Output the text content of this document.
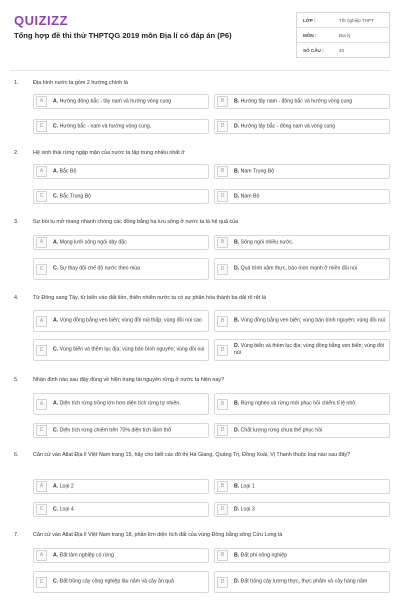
QUIZIZZ
Tổng hợp đề thi thử THPTQG 2019 môn Địa lí có đáp án (P6)
LỚP :	Tốt nghiệp THPT
MÔN :	Địa lý
SỐ CÂU :	40
1.	Địa hình nước ta gồm 2 hướng chính là
A	A. Hướng đông bắc - tây nam và hướng vòng cung	B	B. Hướng tây nam - đông bắc và hướng vòng cung
C	C. Hướng bắc - nam và hướng vòng cung.	D	D. Hướng tây bắc - đông nam và vòng cung
2.	Hệ sinh thái rừng ngập mặn của nước ta tập trung nhiều nhất ở
A	A. Bắc Bộ	B	B. Nam Trung Bộ
C	C. Bắc Trung Bộ	D	D. Nam Bộ
3.	Sự bồi tụ mở mang nhanh chóng các đồng bằng hạ lưu sông ở nước ta là hệ quả của
A	A. Mạng lưới sông ngòi dày đặc	B	B. Sông ngòi nhiều nước.
C	C. Sự thay đổi chế độ nước theo mùa	D	D. Quá trình xâm thực, bào mòn mạnh ở miền đồi núi
4.	Từ Đông sang Tây, từ biển vào đất liền, thiên nhiên nước ta có sự phân hóa thành ba dải rõ rệt là
A	A. Vùng đồng bằng ven biển; vùng đồi núi thấp; vùng đồi núi cao	B	B. Vùng đồng bằng ven biển; vùng bán bình nguyên; vùng đồi núi
C	C. Vùng biển và thềm lục địa; vùng bán bình nguyên; vùng đồi núi	D
D. Vùng biển và thềm lục địa; vùng đồng bằng ven biển; vùng đồi núi
5.	Nhận định nào sau đây đúng về hiện trạng tài nguyên rừng ở nước ta hiện nay?
A	A. Diện tích rừng trồng lớn hơn diện tích rừng tự nhiên.	B	B. Rừng nghèo và rừng mới phục hồi chiếm tỉ lệ nhỏ.
C	C. Diện tích rừng chiếm trên 70% diện tích lãnh thổ	D	D. Chất lượng rừng chưa thể phục hồi
6.	Căn cứ vào Atlat Địa lí Việt Nam trang 15, hãy cho biết các đô thị Hà Giang, Quảng Trị, Đồng Xoài, Vị Thanh thuộc loại nào sau đây?
A	A. Loại 2	B	B. Loại 1
C	C. Loại 4	D	D. Loại 3
7.	Căn cứ vào Atlat Địa lí Việt Nam trang 18, phần lớn diện tích đất của vùng Đồng bằng sông Cửu Long là
A	A. Đất lâm nghiệp có rừng	B	B. Đất phi nông nghiệp
C	C. Đất trồng cây công nghiệp lâu năm và cây ăn quả	D	D. Đất trồng cây lương thực, thực phẩm và cây hàng năm
